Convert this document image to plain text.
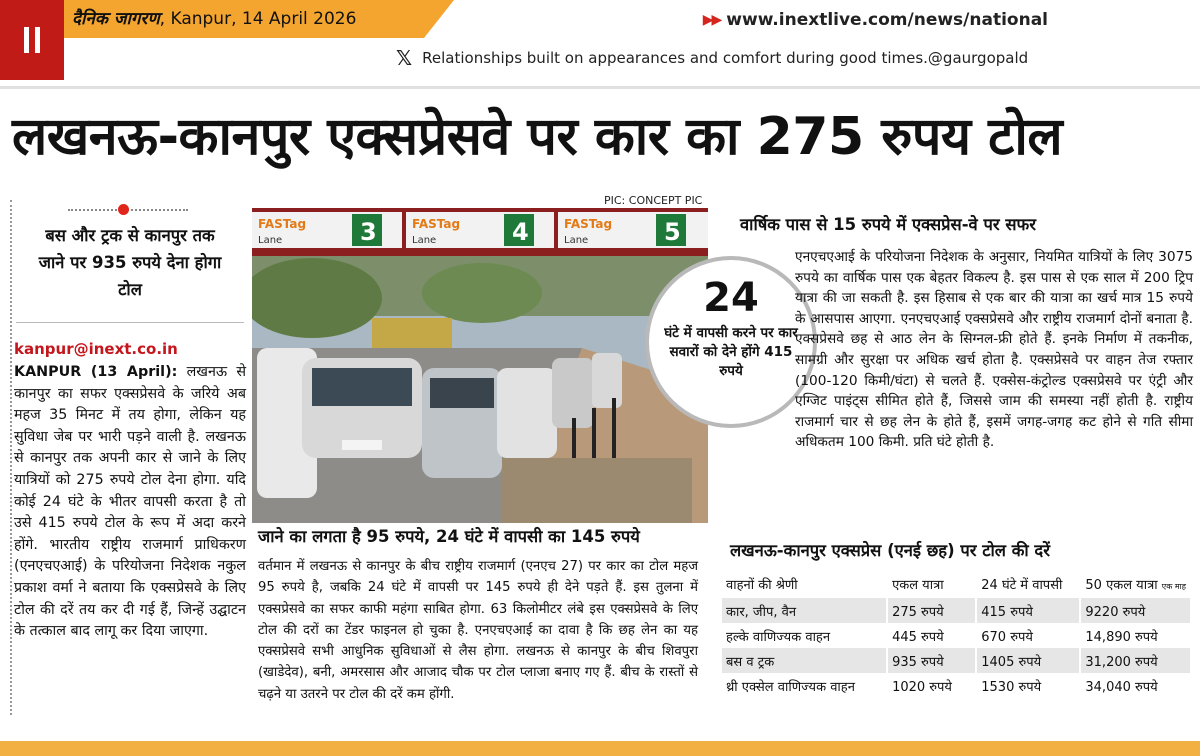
दैनिक जागरण, Kanpur, 14 April 2026	▶▶ www.inextlive.com/news/national
𝕏 Relationships built on appearances and comfort during good times.@gaurgopald
लखनऊ-कानपुर एक्सप्रेसवे पर कार का 275 रुपय टोल
बस और ट्रक से कानपुर तक जाने पर 935 रुपये देना होगा टोल
kanpur@inext.co.in

KANPUR (13 April): लखनऊ से कानपुर का सफर एक्सप्रेसवे के जरिये अब महज 35 मिनट में तय होगा, लेकिन यह सुविधा जेब पर भारी पड़ने वाली है. लखनऊ से कानपुर तक अपनी कार से जाने के लिए यात्रियों को 275 रुपये टोल देना होगा. यदि कोई 24 घंटे के भीतर वापसी करता है तो उसे 415 रुपये टोल के रूप में अदा करने होंगे. भारतीय राष्ट्रीय राजमार्ग प्राधिकरण (एनएचएआई) के परियोजना निदेशक नकुल प्रकाश वर्मा ने बताया कि एक्सप्रेसवे के लिए टोल की दरें तय कर दी गई हैं, जिन्हें उद्घाटन के तत्काल बाद लागू कर दिया जाएगा.

PIC: CONCEPT PIC
FASTag
Lane	3	FASTag
Lane	4	FASTag
Lane	5
24
घंटे में वापसी करने पर कार सवारों को देने होंगे 415 रुपये
जाने का लगता है 95 रुपये, 24 घंटे में वापसी का 145 रुपये

वर्तमान में लखनऊ से कानपुर के बीच राष्ट्रीय राजमार्ग (एनएच 27) पर कार का टोल महज 95 रुपये है, जबकि 24 घंटे में वापसी पर 145 रुपये ही देने पड़ते हैं. इस तुलना में एक्सप्रेसवे का सफर काफी महंगा साबित होगा. 63 किलोमीटर लंबे इस एक्सप्रेसवे के लिए टोल की दरों का टेंडर फाइनल हो चुका है. एनएचएआई का दावा है कि छह लेन का यह एक्सप्रेसवे सभी आधुनिक सुविधाओं से लैस होगा. लखनऊ से कानपुर के बीच शिवपुरा (खाडेदेव), बनी, अमरसास और आजाद चौक पर टोल प्लाजा बनाए गए हैं. बीच के रास्तों से चढ़ने या उतरने पर टोल की दरें कम होंगी.

वार्षिक पास से 15 रुपये में एक्सप्रेस-वे पर सफर

एनएचएआई के परियोजना निदेशक के अनुसार, नियमित यात्रियों के लिए 3075 रुपये का वार्षिक पास एक बेहतर विकल्प है. इस पास से एक साल में 200 ट्रिप यात्रा की जा सकती है. इस हिसाब से एक बार की यात्रा का खर्च मात्र 15 रुपये के आसपास आएगा. एनएचएआई एक्सप्रेसवे और राष्ट्रीय राजमार्ग दोनों बनाता है. एक्सप्रेसवे छह से आठ लेन के सिग्नल-फ्री होते हैं. इनके निर्माण में तकनीक, सामग्री और सुरक्षा पर अधिक खर्च होता है. एक्सप्रेसवे पर वाहन तेज रफ्तार (100-120 किमी/घंटा) से चलते हैं. एक्सेस-कंट्रोल्ड एक्सप्रेसवे पर एंट्री और एग्जिट पाइंट्स सीमित होते हैं, जिससे जाम की समस्या नहीं होती है. राष्ट्रीय राजमार्ग चार से छह लेन के होते हैं, इसमें जगह-जगह कट होने से गति सीमा अधिकतम 100 किमी. प्रति घंटे होती है.

लखनऊ-कानपुर एक्सप्रेस (एनई छह) पर टोल की दरें
वाहनों की श्रेणी	एकल यात्रा	24 घंटे में वापसी	50 एकल यात्रा एक माह
कार, जीप, वैन	275 रुपये	415 रुपये	9220 रुपये
हल्के वाणिज्यक वाहन	445 रुपये	670 रुपये	14,890 रुपये
बस व ट्रक	935 रुपये	1405 रुपये	31,200 रुपये
थ्री एक्सेल वाणिज्यक वाहन	1020 रुपये	1530 रुपये	34,040 रुपये
